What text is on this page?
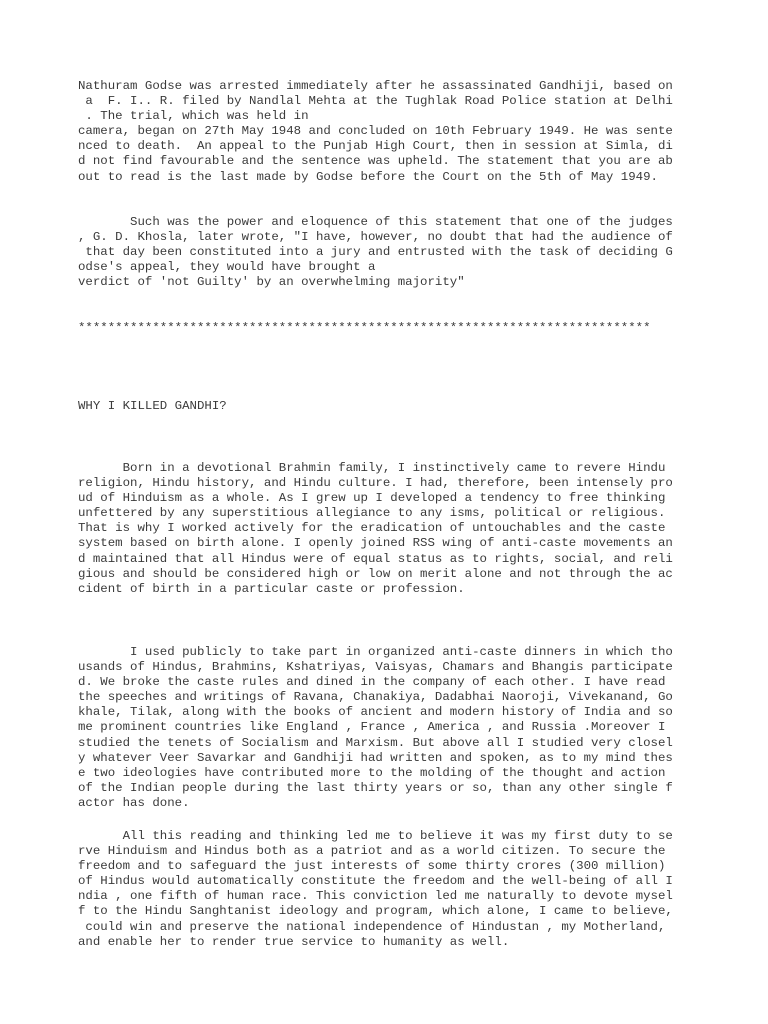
Nathuram Godse was arrested immediately after he assassinated Gandhiji, based on
a  F. I.. R. filed by Nandlal Mehta at the Tughlak Road Police station at Delhi
. The trial, which was held in
camera, began on 27th May 1948 and concluded on 10th February 1949. He was sente
nced to death.  An appeal to the Punjab High Court, then in session at Simla, di
d not find favourable and the sentence was upheld. The statement that you are ab
out to read is the last made by Godse before the Court on the 5th of May 1949.

Such was the power and eloquence of this statement that one of the judges
, G. D. Khosla, later wrote, "I have, however, no doubt that had the audience of
that day been constituted into a jury and entrusted with the task of deciding G
odse's appeal, they would have brought a
verdict of 'not Guilty' by an overwhelming majority"

*****************************************************************************

WHY I KILLED GANDHI?

Born in a devotional Brahmin family, I instinctively came to revere Hindu
religion, Hindu history, and Hindu culture. I had, therefore, been intensely pro
ud of Hinduism as a whole. As I grew up I developed a tendency to free thinking
unfettered by any superstitious allegiance to any isms, political or religious.
That is why I worked actively for the eradication of untouchables and the caste
system based on birth alone. I openly joined RSS wing of anti-caste movements an
d maintained that all Hindus were of equal status as to rights, social, and reli
gious and should be considered high or low on merit alone and not through the ac
cident of birth in a particular caste or profession.

I used publicly to take part in organized anti-caste dinners in which tho
usands of Hindus, Brahmins, Kshatriyas, Vaisyas, Chamars and Bhangis participate
d. We broke the caste rules and dined in the company of each other. I have read
the speeches and writings of Ravana, Chanakiya, Dadabhai Naoroji, Vivekanand, Go
khale, Tilak, along with the books of ancient and modern history of India and so
me prominent countries like England , France , America , and Russia .Moreover I
studied the tenets of Socialism and Marxism. But above all I studied very closel
y whatever Veer Savarkar and Gandhiji had written and spoken, as to my mind thes
e two ideologies have contributed more to the molding of the thought and action
of the Indian people during the last thirty years or so, than any other single f
actor has done.

All this reading and thinking led me to believe it was my first duty to se
rve Hinduism and Hindus both as a patriot and as a world citizen. To secure the
freedom and to safeguard the just interests of some thirty crores (300 million)
of Hindus would automatically constitute the freedom and the well-being of all I
ndia , one fifth of human race. This conviction led me naturally to devote mysel
f to the Hindu Sanghtanist ideology and program, which alone, I came to believe,
could win and preserve the national independence of Hindustan , my Motherland,
and enable her to render true service to humanity as well.
